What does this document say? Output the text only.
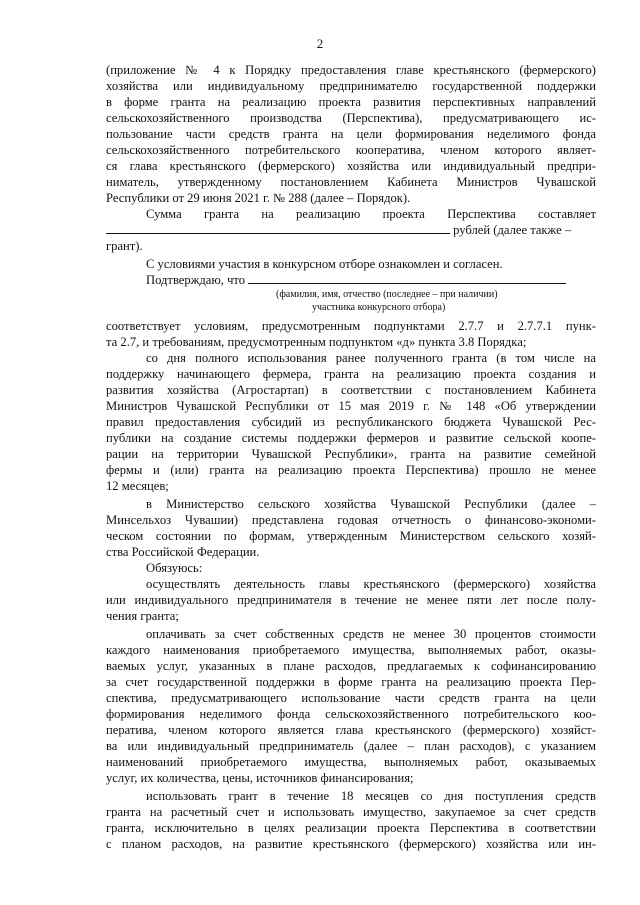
2
(приложение № 4 к Порядку предоставления главе крестьянского (фермерского)
хозяйства или индивидуальному предпринимателю государственной поддержки
в форме гранта на реализацию проекта развития перспективных направлений
сельскохозяйственного производства (Перспектива), предусматривающего ис-
пользование части средств гранта на цели формирования неделимого фонда
сельскохозяйственного потребительского кооператива, членом которого являет-
ся глава крестьянского (фермерского) хозяйства или индивидуальный предпри-
ниматель, утвержденному постановлением Кабинета Министров Чувашской
Республики от 29 июня 2021 г. № 288 (далее – Порядок).
Сумма гранта на реализацию проекта Перспектива составляет
рублей (далее также –
грант).
С условиями участия в конкурсном отборе ознакомлен и согласен.
Подтверждаю, что
(фамилия, имя, отчество (последнее – при наличии)
участника конкурсного отбора)
соответствует условиям, предусмотренным подпунктами 2.7.7 и 2.7.7.1 пунк-
та 2.7, и требованиям, предусмотренным подпунктом «д» пункта 3.8 Порядка;
со дня полного использования ранее полученного гранта (в том числе на
поддержку начинающего фермера, гранта на реализацию проекта создания и
развития хозяйства (Агростартап) в соответствии с постановлением Кабинета
Министров Чувашской Республики от 15 мая 2019 г. № 148 «Об утверждении
правил предоставления субсидий из республиканского бюджета Чувашской Рес-
публики на создание системы поддержки фермеров и развитие сельской коопе-
рации на территории Чувашской Республики», гранта на развитие семейной
фермы и (или) гранта на реализацию проекта Перспектива) прошло не менее
12 месяцев;
в Министерство сельского хозяйства Чувашской Республики (далее –
Минсельхоз Чувашии) представлена годовая отчетность о финансово-экономи-
ческом состоянии по формам, утвержденным Министерством сельского хозяй-
ства Российской Федерации.
Обязуюсь:
осуществлять деятельность главы крестьянского (фермерского) хозяйства
или индивидуального предпринимателя в течение не менее пяти лет после полу-
чения гранта;
оплачивать за счет собственных средств не менее 30 процентов стоимости
каждого наименования приобретаемого имущества, выполняемых работ, оказы-
ваемых услуг, указанных в плане расходов, предлагаемых к софинансированию
за счет государственной поддержки в форме гранта на реализацию проекта Пер-
спектива, предусматривающего использование части средств гранта на цели
формирования неделимого фонда сельскохозяйственного потребительского коо-
ператива, членом которого является глава крестьянского (фермерского) хозяйст-
ва или индивидуальный предприниматель (далее – план расходов), с указанием
наименований приобретаемого имущества, выполняемых работ, оказываемых
услуг, их количества, цены, источников финансирования;
использовать грант в течение 18 месяцев со дня поступления средств
гранта на расчетный счет и использовать имущество, закупаемое за счет средств
гранта, исключительно в целях реализации проекта Перспектива в соответствии
с планом расходов, на развитие крестьянского (фермерского) хозяйства или ин-
